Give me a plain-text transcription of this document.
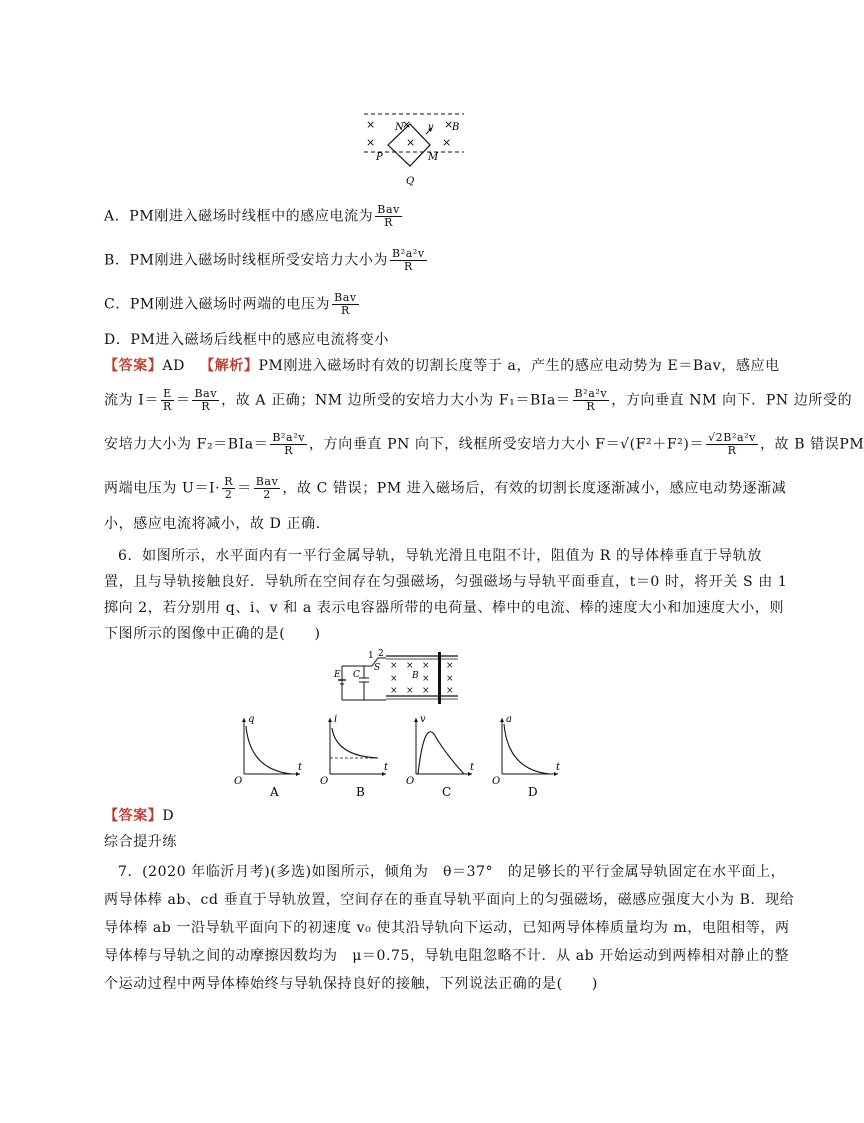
× ×	×
×	× ×
N v B
P	M
Q
A．PM刚进入磁场时线框中的感应电流为 $\frac{\text{Bav}}{R}$
B．PM刚进入磁场时线框所受安培力大小为 $\frac{\text{B²a²v}}{R}$
C．PM刚进入磁场时两端的电压为 $\frac{\text{Bav}}{R}$
D．PM进入磁场后线框中的感应电流将变小
【答案】AD 【解析】PM刚进入磁场时有效的切割长度等于 a，产生的感应电动势为 E＝Bav，感应电
流为 $I= \frac{E}{R} = \frac{\text{Bav}}{R}$ ，故 A 正确；NM 边所受的安培力大小为 $F_1=BIa= \frac{\text{B²a²v}}{R}$ ，方向垂直 NM 向下．PN 边所受的
安培力大小为 $F_2=BIa= \frac{\text{B²a²v}}{R}$ ，方向垂直 PN 向下，线框所受安培力大小 $F=√(F^2+F^2)= \frac{\text{√2B²a²v}}{R}$ ，故 B 错误PM
两端电压为 $U=I\cdot \frac{R}{2} = \frac{\text{Bav}}{2}$ ，故 C 错误；PM 进入磁场后，有效的切割长度逐渐减小，感应电动势逐渐减
小，感应电流将减小，故 D 正确．
6．如图所示，水平面内有一平行金属导轨，导轨光滑且电阻不计，阻值为 R 的导体棒垂直于导轨放
置，且与导轨接触良好．导轨所在空间存在匀强磁场，匀强磁场与导轨平面垂直，t＝0 时，将开关 S 由 1
掷向 2，若分别用 q、i、v 和 a 表示电容器所带的电荷量、棒中的电流、棒的速度大小和加速度大小，则
下图所示的图像中正确的是(　　)
1 2
S
E C	B
× × × ×
×	× ×
× × × ×
q
t
O
A
i
t
O
B
v
t
O
C
a
t
O
D
【答案】D
综合提升练
7．(2020 年临沂月考)(多选)如图所示，倾角为　θ＝37°　的足够长的平行金属导轨固定在水平面上，
两导体棒 ab、cd 垂直于导轨放置，空间存在的垂直导轨平面向上的匀强磁场，磁感应强度大小为 B．现给
导体棒 ab 一沿导轨平面向下的初速度 v₀ 使其沿导轨向下运动，已知两导体棒质量均为 m，电阻相等，两
导体棒与导轨之间的动摩擦因数均为　μ＝0.75，导轨电阻忽略不计．从 ab 开始运动到两棒相对静止的整
个运动过程中两导体棒始终与导轨保持良好的接触，下列说法正确的是(　　)
